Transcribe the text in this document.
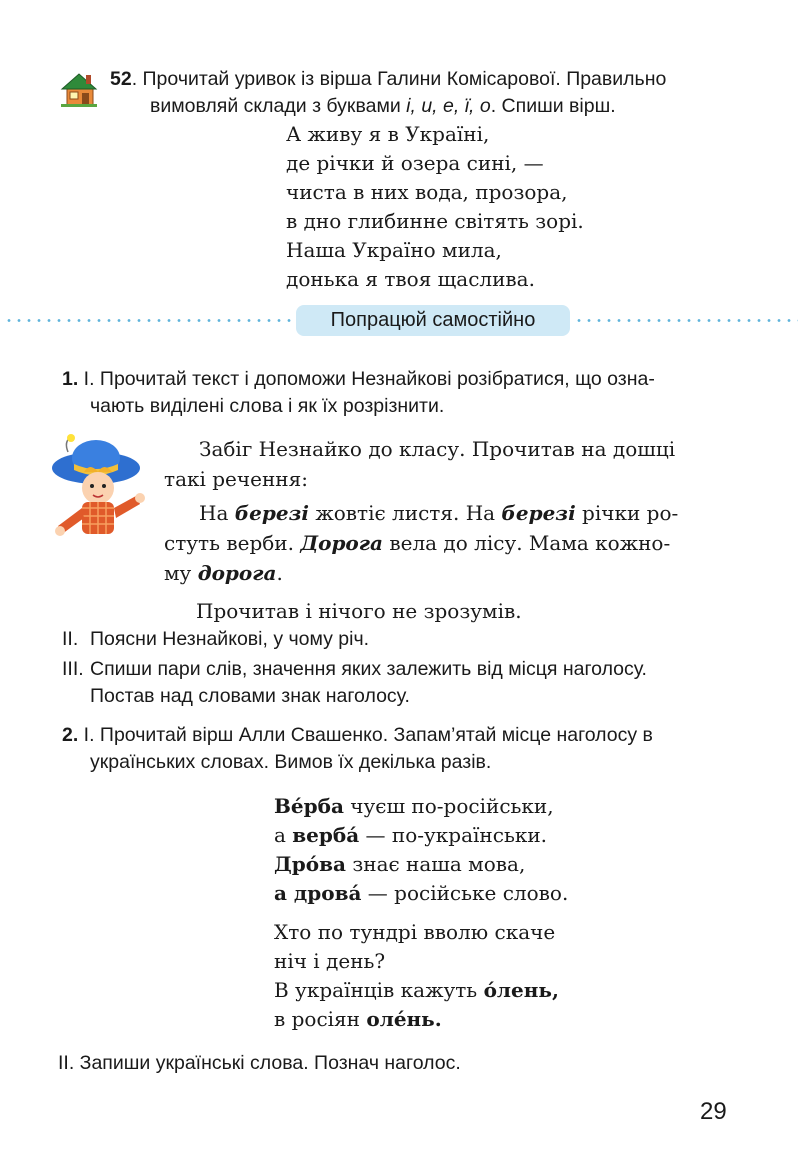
52. Прочитай уривок із вірша Галини Комісарової. Правильно
вимовляй склади з буквами і, и, е, ї, о. Спиши вірш.
А живу я в Україні,
де річки й озера сині, —
чиста в них вода, прозора,
в дно глибинне світять зорі.
Наша Україно мила,
донька я твоя щаслива.
Попрацюй самостійно
1. І. Прочитай текст і допоможи Незнайкові розібратися, що озна-
чають виділені слова і як їх розрізнити.
Забіг Незнайко до класу. Прочитав на дошці
такі речення:
На березі жовтіє листя. На березі річки ро-
стуть верби. Дорога вела до лісу. Мама кожно-
му дорога.
Прочитав і нічого не зрозумів.
ІІ. Поясни Незнайкові, у чому річ.
ІІІ. Спиши пари слів, значення яких залежить від місця наголосу.
Постав над словами знак наголосу.
2. І. Прочитай вірш Алли Свашенко. Запам’ятай місце наголосу в
українських словах. Вимов їх декілька разів.
Ве́рба чуєш по-російськи,
а верба́ — по-українськи.
Дро́ва знає наша мова,
а дрова́ — російське слово.
Хто по тундрі вволю скаче
ніч і день?
В українців кажуть о́лень,
в росіян оле́нь.
ІІ. Запиши українські слова. Познач наголос.
29
